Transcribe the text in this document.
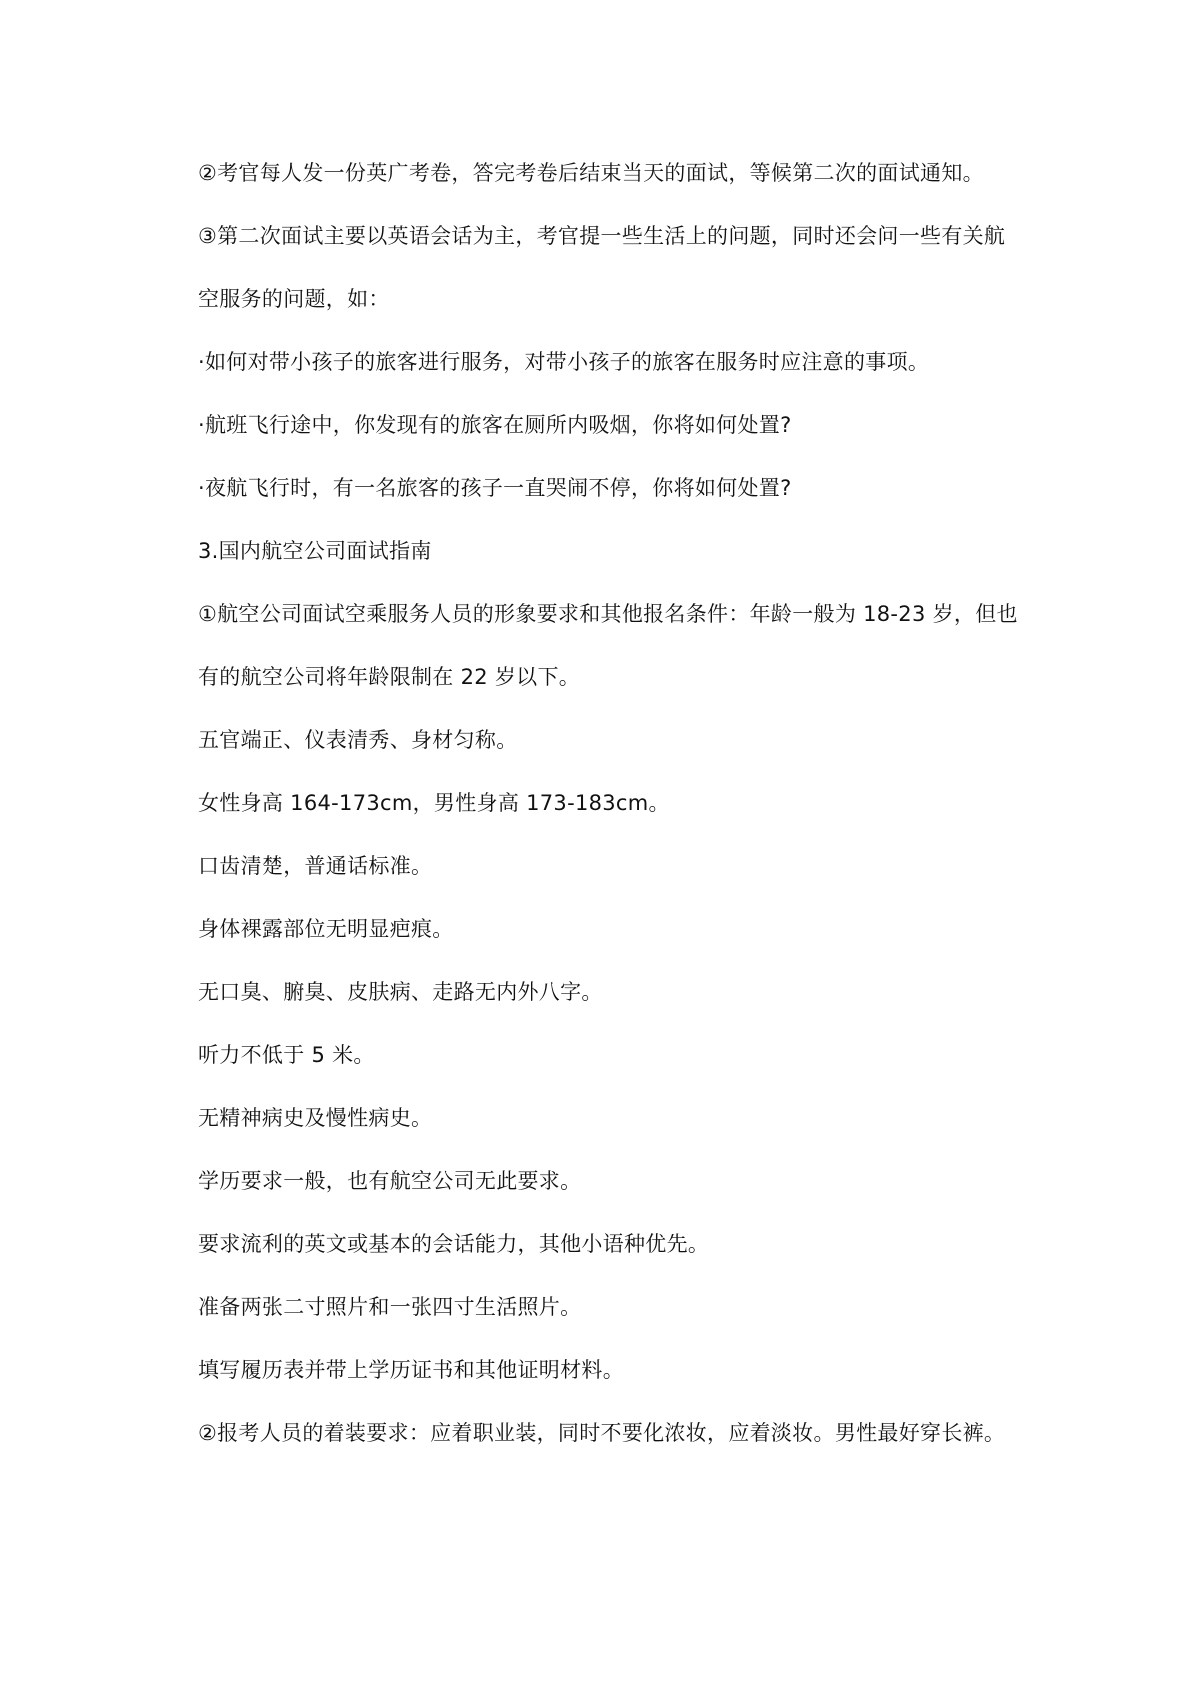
②考官每人发一份英广考卷，答完考卷后结束当天的面试，等候第二次的面试通知。

③第二次面试主要以英语会话为主，考官提一些生活上的问题，同时还会问一些有关航

空服务的问题，如：

·如何对带小孩子的旅客进行服务，对带小孩子的旅客在服务时应注意的事项。

·航班飞行途中，你发现有的旅客在厕所内吸烟，你将如何处置?

·夜航飞行时，有一名旅客的孩子一直哭闹不停，你将如何处置?

3.国内航空公司面试指南

①航空公司面试空乘服务人员的形象要求和其他报名条件：年龄一般为 18-23 岁，但也

有的航空公司将年龄限制在 22 岁以下。

五官端正、仪表清秀、身材匀称。

女性身高 164-173cm，男性身高 173-183cm。

口齿清楚，普通话标准。

身体裸露部位无明显疤痕。

无口臭、腑臭、皮肤病、走路无内外八字。

听力不低于 5 米。

无精神病史及慢性病史。

学历要求一般，也有航空公司无此要求。

要求流利的英文或基本的会话能力，其他小语种优先。

准备两张二寸照片和一张四寸生活照片。

填写履历表并带上学历证书和其他证明材料。

②报考人员的着装要求：应着职业装，同时不要化浓妆，应着淡妆。男性最好穿长裤。
